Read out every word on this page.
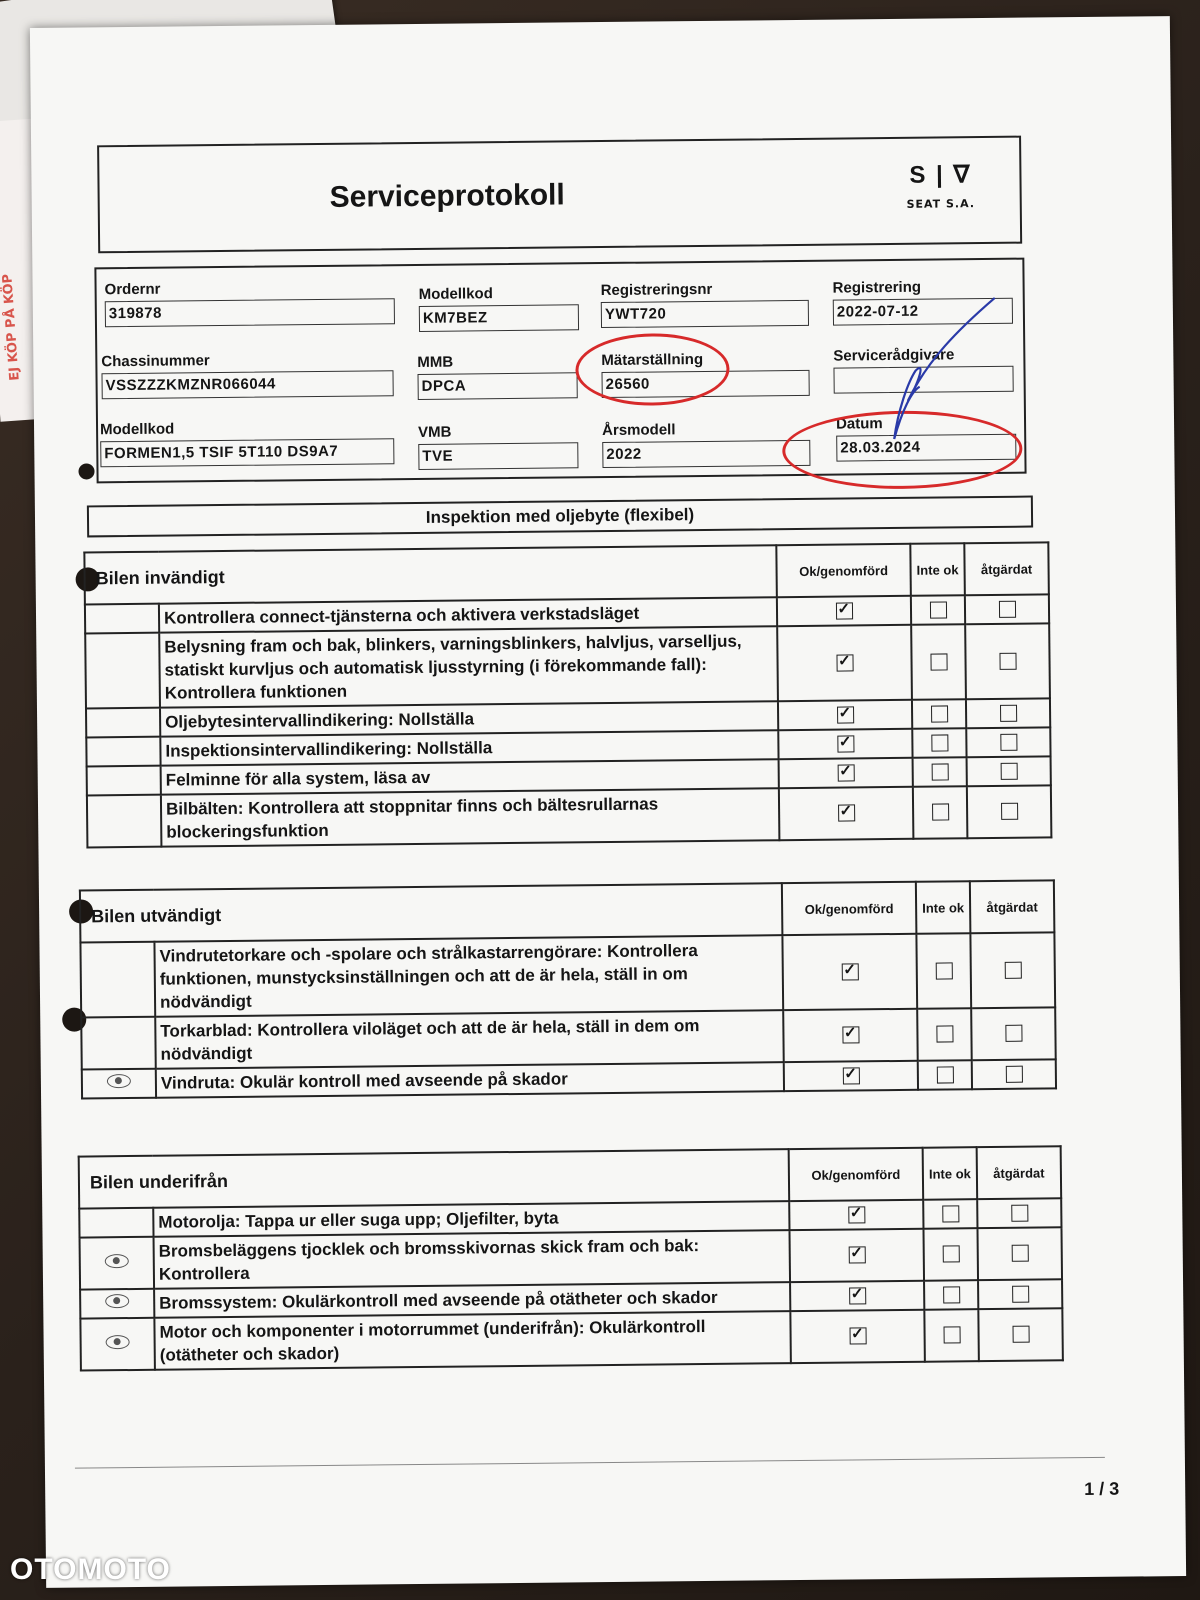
EJ KÖP PÅ KÖP
Serviceprotokoll
S | ∇
SEAT S.A.
Ordernr
319878
Modellkod
KM7BEZ
Registreringsnr
YWT720
Registrering
2022-07-12
Chassinummer
VSSZZZKMZNR066044
MMB
DPCA
Mätarställning
26560
Servicerådgivare
Modellkod
FORMEN1,5 TSIF 5T110 DS9A7
VMB
TVE
Årsmodell
2022
Datum
28.03.2024
Inspektion med oljebyte (flexibel)
Bilen invändigt		Ok/genomförd	Inte ok	åtgärdat
	Kontrollera connect-tjänsterna och aktivera verkstadsläget	✓		
	Belysning fram och bak, blinkers, varningsblinkers, halvljus, varselljus, statiskt kurvljus och automatisk ljusstyrning (i förekommande fall): Kontrollera funktionen	✓		
	Oljebytesintervallindikering: Nollställa	✓		
	Inspektionsintervallindikering: Nollställa	✓		
	Felminne för alla system, läsa av	✓		
	Bilbälten: Kontrollera att stoppnitar finns och bältesrullarnas blockeringsfunktion	✓		
Bilen utvändigt		Ok/genomförd	Inte ok	åtgärdat
	Vindrutetorkare och -spolare och strålkastarrengörare: Kontrollera funktionen, munstycksinställningen och att de är hela, ställ in om nödvändigt	✓		
	Torkarblad: Kontrollera viloläget och att de är hela, ställ in dem om nödvändigt	✓		
	Vindruta: Okulär kontroll med avseende på skador	✓		
Bilen underifrån		Ok/genomförd	Inte ok	åtgärdat
	Motorolja: Tappa ur eller suga upp; Oljefilter, byta	✓		
	Bromsbeläggens tjocklek och bromsskivornas skick fram och bak: Kontrollera	✓		
	Bromssystem: Okulärkontroll med avseende på otätheter och skador	✓		
	Motor och komponenter i motorrummet (underifrån): Okulärkontroll (otätheter och skador)	✓		
1 / 3
OTOMOTO
